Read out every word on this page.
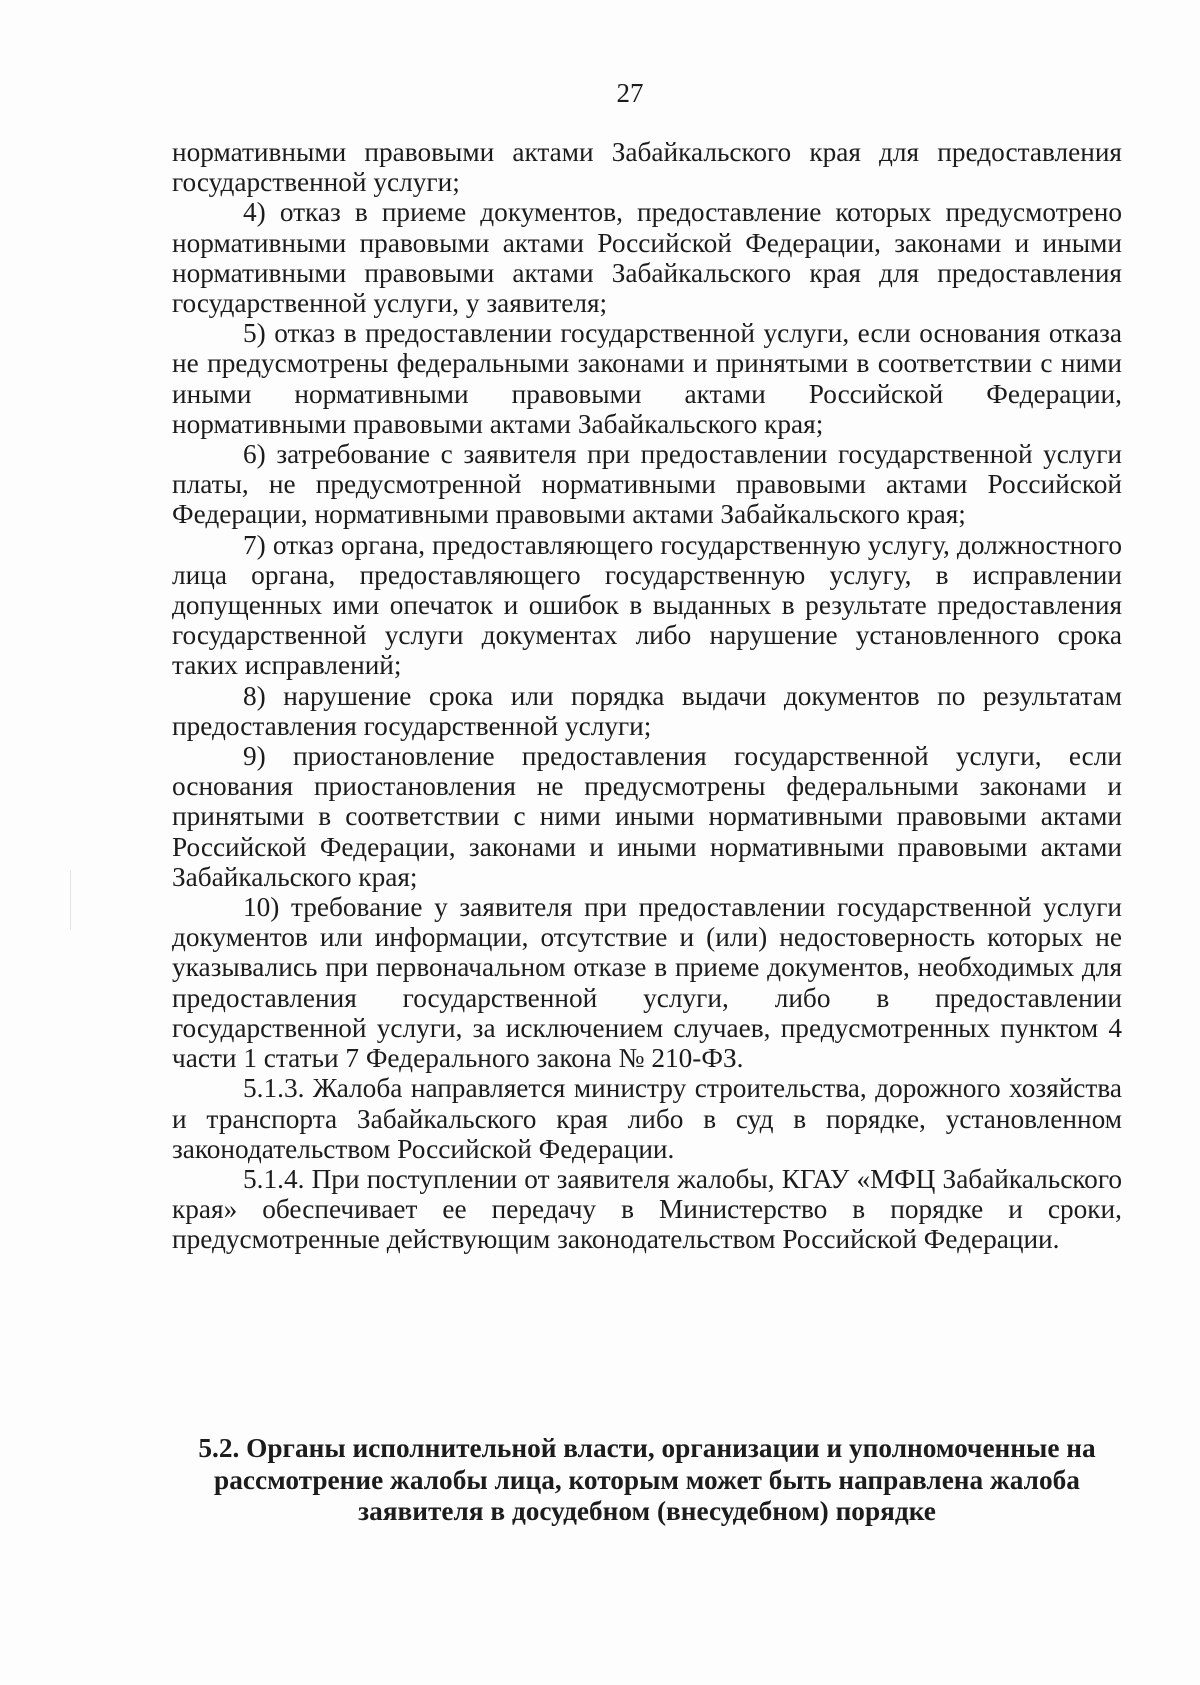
27

нормативными правовыми актами Забайкальского края для предоставления государственной услуги;

4) отказ в приеме документов, предоставление которых предусмотрено нормативными правовыми актами Российской Федерации, законами и иными нормативными правовыми актами Забайкальского края для предоставления государственной услуги, у заявителя;

5) отказ в предоставлении государственной услуги, если основания отказа не предусмотрены федеральными законами и принятыми в соответствии с ними иными нормативными правовыми актами Российской Федерации, нормативными правовыми актами Забайкальского края;

6) затребование с заявителя при предоставлении государственной услуги платы, не предусмотренной нормативными правовыми актами Российской Федерации, нормативными правовыми актами Забайкальского края;

7) отказ органа, предоставляющего государственную услугу, должностного лица органа, предоставляющего государственную услугу, в исправлении допущенных ими опечаток и ошибок в выданных в результате предоставления государственной услуги документах либо нарушение установленного срока таких исправлений;

8) нарушение срока или порядка выдачи документов по результатам предоставления государственной услуги;

9) приостановление предоставления государственной услуги, если основания приостановления не предусмотрены федеральными законами и принятыми в соответствии с ними иными нормативными правовыми актами Российской Федерации, законами и иными нормативными правовыми актами Забайкальского края;

10) требование у заявителя при предоставлении государственной услуги документов или информации, отсутствие и (или) недостоверность которых не указывались при первоначальном отказе в приеме документов, необходимых для предоставления государственной услуги, либо в предоставлении государственной услуги, за исключением случаев, предусмотренных пунктом 4 части 1 статьи 7 Федерального закона № 210-ФЗ.

5.1.3. Жалоба направляется министру строительства, дорожного хозяйства и транспорта Забайкальского края либо в суд в порядке, установленном законодательством Российской Федерации.

5.1.4. При поступлении от заявителя жалобы, КГАУ «МФЦ Забайкальского края» обеспечивает ее передачу в Министерство в порядке и сроки, предусмотренные действующим законодательством Российской Федерации.

5.2. Органы исполнительной власти, организации и уполномоченные на рассмотрение жалобы лица, которым может быть направлена жалоба заявителя в досудебном (внесудебном) порядке
